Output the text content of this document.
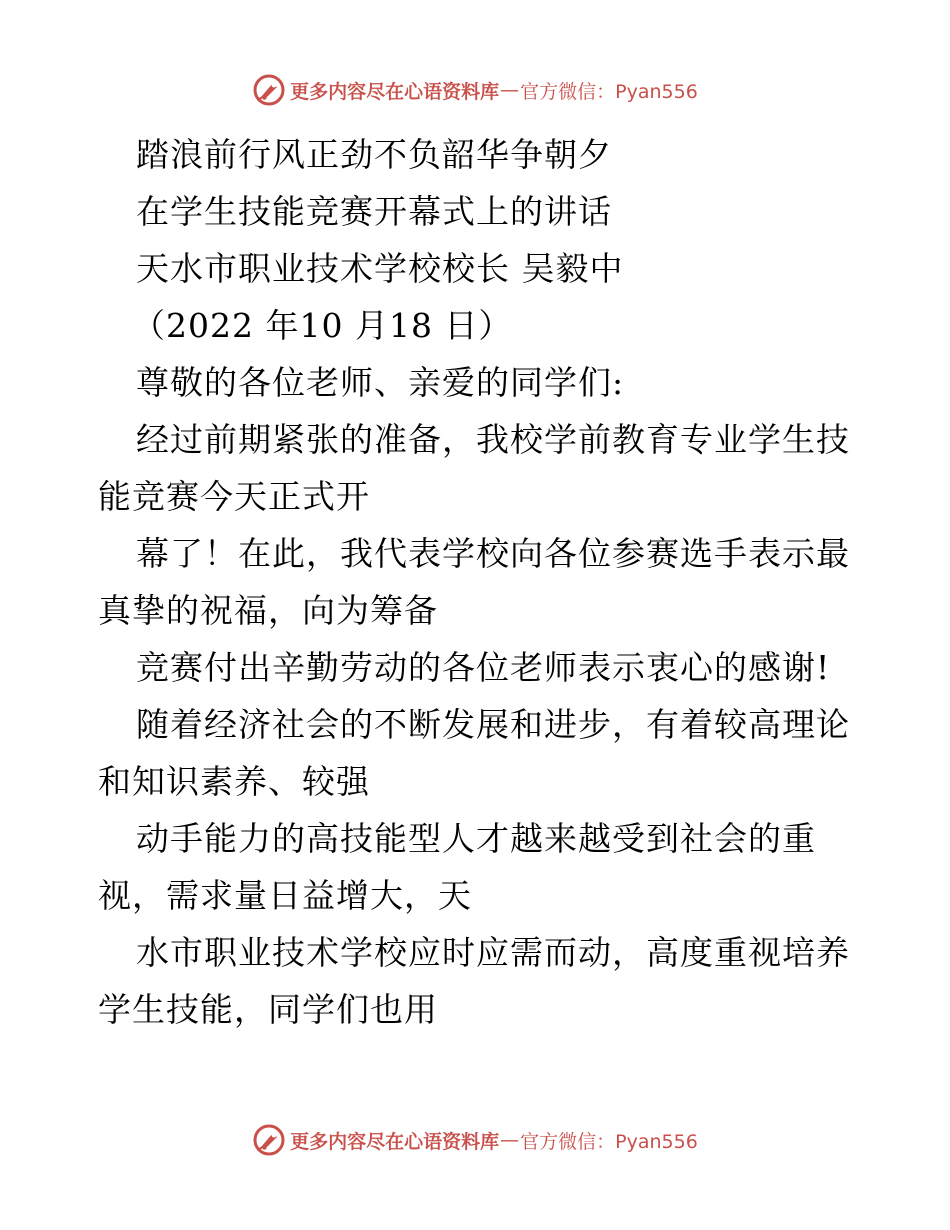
更多内容尽在心语资料库 — 官方微信：Pyan556
踏浪前行风正劲不负韶华争朝夕
在学生技能竞赛开幕式上的讲话
天水市职业技术学校校长 吴毅中
（2022 年10 月18 日）
尊敬的各位老师、亲爱的同学们:
经过前期紧张的准备，我校学前教育专业学生技
能竞赛今天正式开
幕了！在此，我代表学校向各位参赛选手表示最
真挚的祝福，向为筹备
竞赛付出辛勤劳动的各位老师表示衷心的感谢!
随着经济社会的不断发展和进步，有着较高理论
和知识素养、较强
动手能力的高技能型人才越来越受到社会的重
视，需求量日益增大，天
水市职业技术学校应时应需而动，高度重视培养
学生技能，同学们也用
更多内容尽在心语资料库 — 官方微信：Pyan556
